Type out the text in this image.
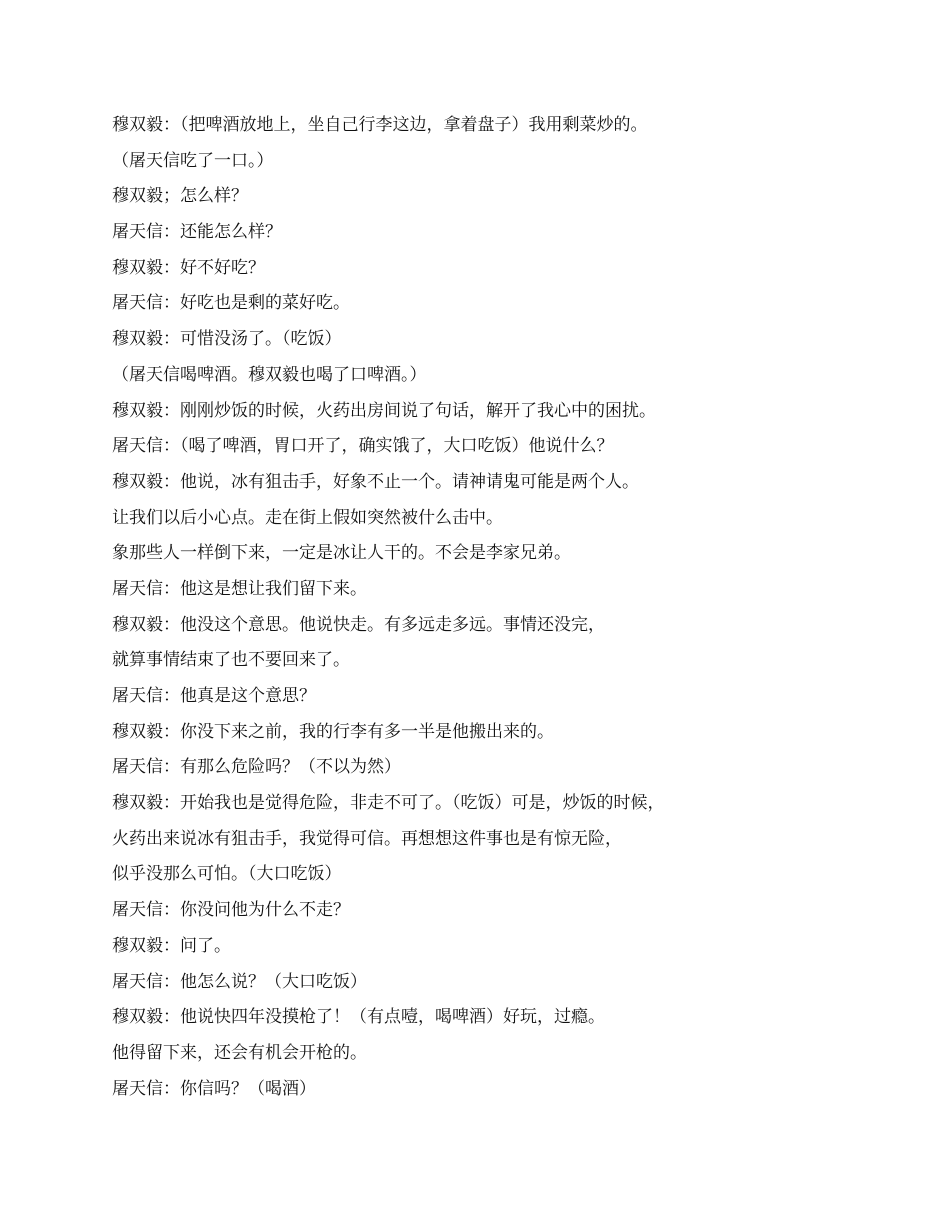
穆双毅：（把啤酒放地上，坐自己行李这边，拿着盘子）我用剩菜炒的。
（屠天信吃了一口。）
穆双毅；怎么样？
屠天信：还能怎么样？
穆双毅：好不好吃？
屠天信：好吃也是剩的菜好吃。
穆双毅：可惜没汤了。（吃饭）
（屠天信喝啤酒。穆双毅也喝了口啤酒。）
穆双毅：刚刚炒饭的时候，火药出房间说了句话，解开了我心中的困扰。
屠天信：（喝了啤酒，胃口开了，确实饿了，大口吃饭）他说什么？
穆双毅：他说，冰有狙击手，好象不止一个。请神请鬼可能是两个人。
让我们以后小心点。走在街上假如突然被什么击中。
象那些人一样倒下来，一定是冰让人干的。不会是李家兄弟。
屠天信：他这是想让我们留下来。
穆双毅：他没这个意思。他说快走。有多远走多远。事情还没完，
就算事情结束了也不要回来了。
屠天信：他真是这个意思？
穆双毅：你没下来之前，我的行李有多一半是他搬出来的。
屠天信：有那么危险吗？（不以为然）
穆双毅：开始我也是觉得危险，非走不可了。（吃饭）可是，炒饭的时候，
火药出来说冰有狙击手，我觉得可信。再想想这件事也是有惊无险，
似乎没那么可怕。（大口吃饭）
屠天信：你没问他为什么不走？
穆双毅：问了。
屠天信：他怎么说？（大口吃饭）
穆双毅：他说快四年没摸枪了！（有点噎，喝啤酒）好玩，过瘾。
他得留下来，还会有机会开枪的。
屠天信：你信吗？（喝酒）
